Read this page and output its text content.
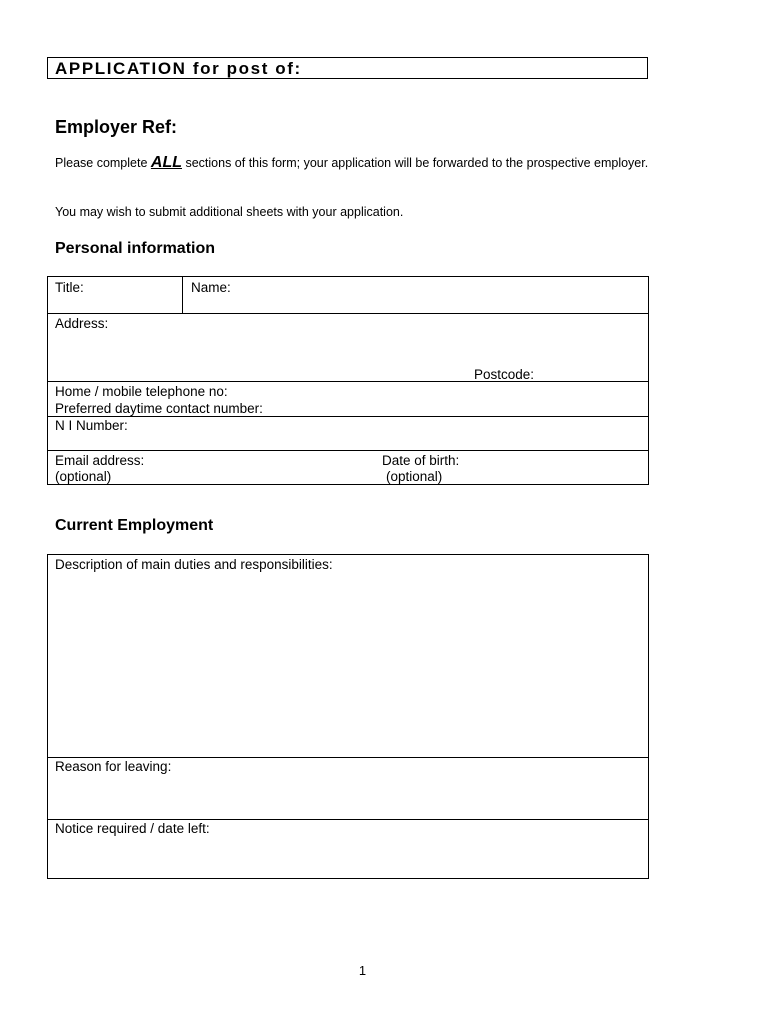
APPLICATION for post of:
Employer Ref:
Please complete ALL sections of this form; your application will be forwarded to the prospective employer.
You may wish to submit additional sheets with your application.
Personal information
Title:	Name:
Address:
Postcode:
Home / mobile telephone no:
Preferred daytime contact number:
N I Number:
Email address:
(optional)
Date of birth:
(optional)
Current Employment
Description of main duties and responsibilities:
Reason for leaving:
Notice required / date left:
1
